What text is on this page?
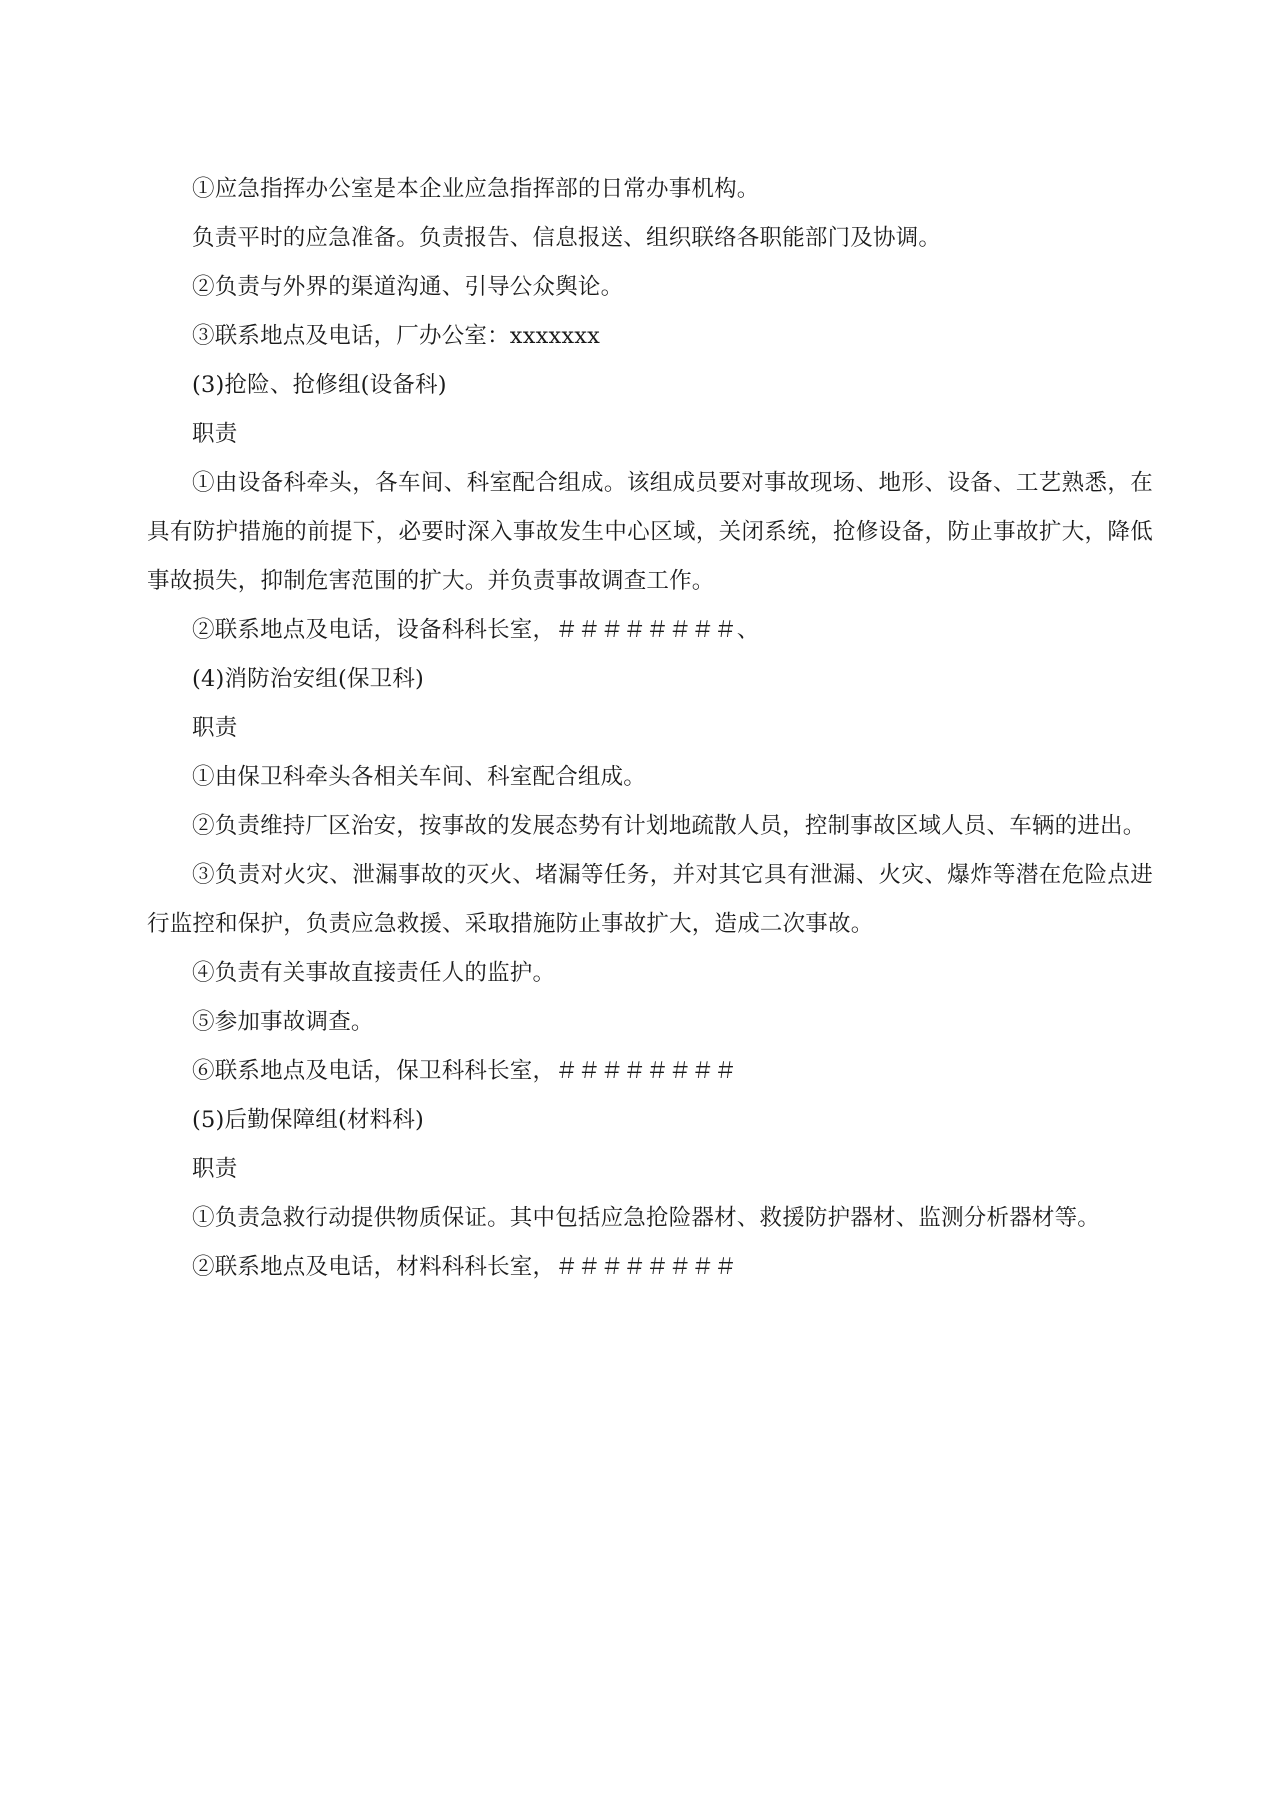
①应急指挥办公室是本企业应急指挥部的日常办事机构。

负责平时的应急准备。负责报告、信息报送、组织联络各职能部门及协调。

②负责与外界的渠道沟通、引导公众舆论。

③联系地点及电话，厂办公室：xxxxxxx

(3)抢险、抢修组(设备科)

职责

①由设备科牵头，各车间、科室配合组成。该组成员要对事故现场、地形、设备、工艺熟悉，在具有防护措施的前提下，必要时深入事故发生中心区域，关闭系统，抢修设备，防止事故扩大，降低事故损失，抑制危害范围的扩大。并负责事故调查工作。

②联系地点及电话，设备科科长室，＃＃＃＃＃＃＃＃、

(4)消防治安组(保卫科)

职责

①由保卫科牵头各相关车间、科室配合组成。

②负责维持厂区治安，按事故的发展态势有计划地疏散人员，控制事故区域人员、车辆的进出。

③负责对火灾、泄漏事故的灭火、堵漏等任务，并对其它具有泄漏、火灾、爆炸等潜在危险点进行监控和保护，负责应急救援、采取措施防止事故扩大，造成二次事故。

④负责有关事故直接责任人的监护。

⑤参加事故调查。

⑥联系地点及电话，保卫科科长室，＃＃＃＃＃＃＃＃

(5)后勤保障组(材料科)

职责

①负责急救行动提供物质保证。其中包括应急抢险器材、救援防护器材、监测分析器材等。

②联系地点及电话，材料科科长室，＃＃＃＃＃＃＃＃
